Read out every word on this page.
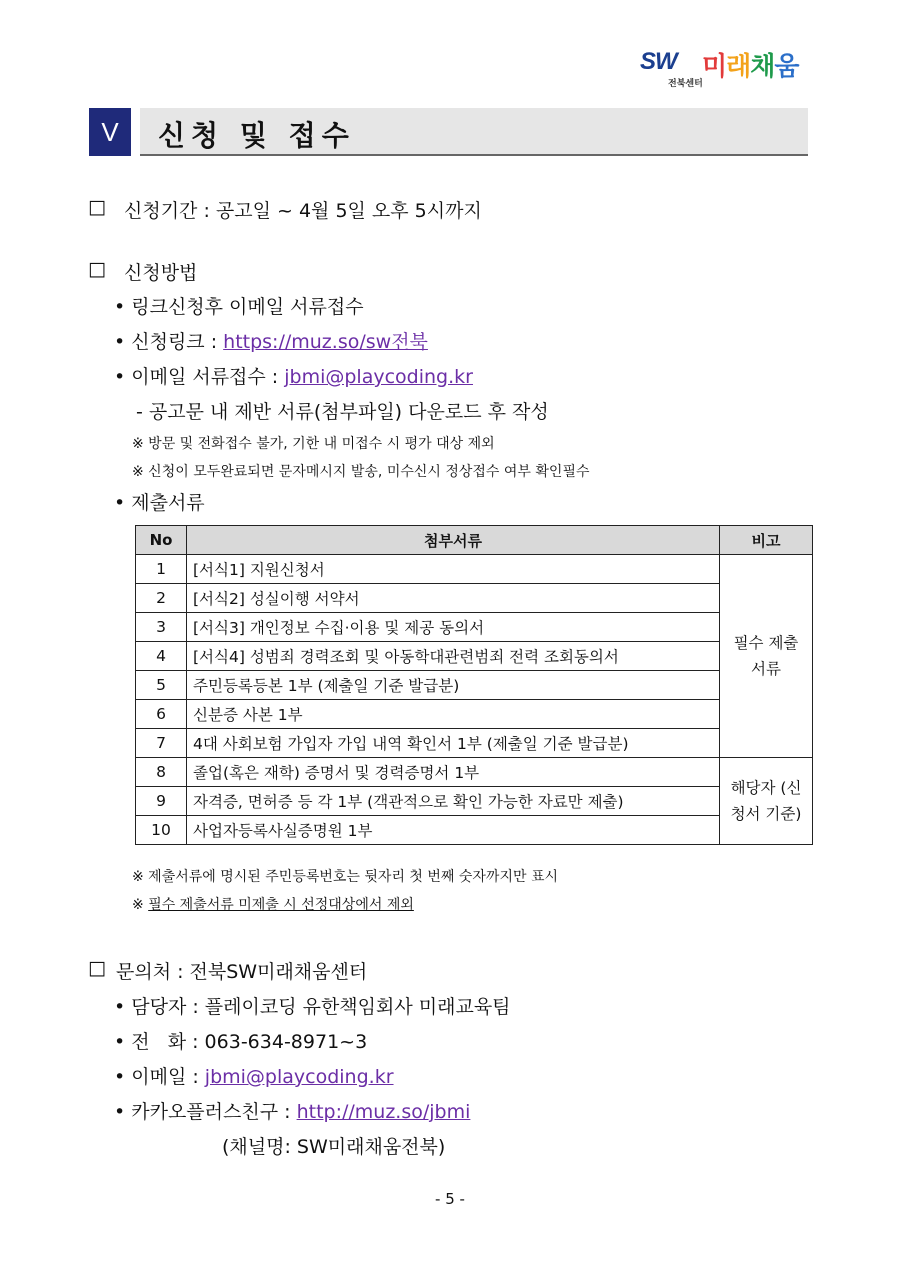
SW 미래채움
전북센터
V	신청 및 접수
□ 신청기간 : 공고일 ~ 4월 5일 오후 5시까지
□ 신청방법
• 링크신청후 이메일 서류접수
• 신청링크 : https://muz.so/sw전북
• 이메일 서류접수 : jbmi@playcoding.kr
- 공고문 내 제반 서류(첨부파일) 다운로드 후 작성
※ 방문 및 전화접수 불가, 기한 내 미접수 시 평가 대상 제외
※ 신청이 모두완료되면 문자메시지 발송, 미수신시 정상접수 여부 확인필수
• 제출서류
No	첨부서류	비고
1	[서식1] 지원신청서	필수 제출 서류
2	[서식2] 성실이행 서약서	
3	[서식3] 개인정보 수집·이용 및 제공 동의서	
4	[서식4] 성범죄 경력조회 및 아동학대관련범죄 전력 조회동의서	
5	주민등록등본 1부 (제출일 기준 발급분)	
6	신분증 사본 1부	
7	4대 사회보험 가입자 가입 내역 확인서 1부 (제출일 기준 발급분)	
8	졸업(혹은 재학) 증명서 및 경력증명서 1부	해당자 (신청서 기준)
9	자격증, 면허증 등 각 1부 (객관적으로 확인 가능한 자료만 제출)	
10	사업자등록사실증명원 1부	
※ 제출서류에 명시된 주민등록번호는 뒷자리 첫 번째 숫자까지만 표시
※ 필수 제출서류 미제출 시 선정대상에서 제외
□ 문의처 : 전북SW미래채움센터
• 담당자 : 플레이코딩 유한책임회사 미래교육팀
• 전   화 : 063-634-8971~3
• 이메일 : jbmi@playcoding.kr
• 카카오플러스친구 : http://muz.so/jbmi
(채널명: SW미래채움전북)
- 5 -
